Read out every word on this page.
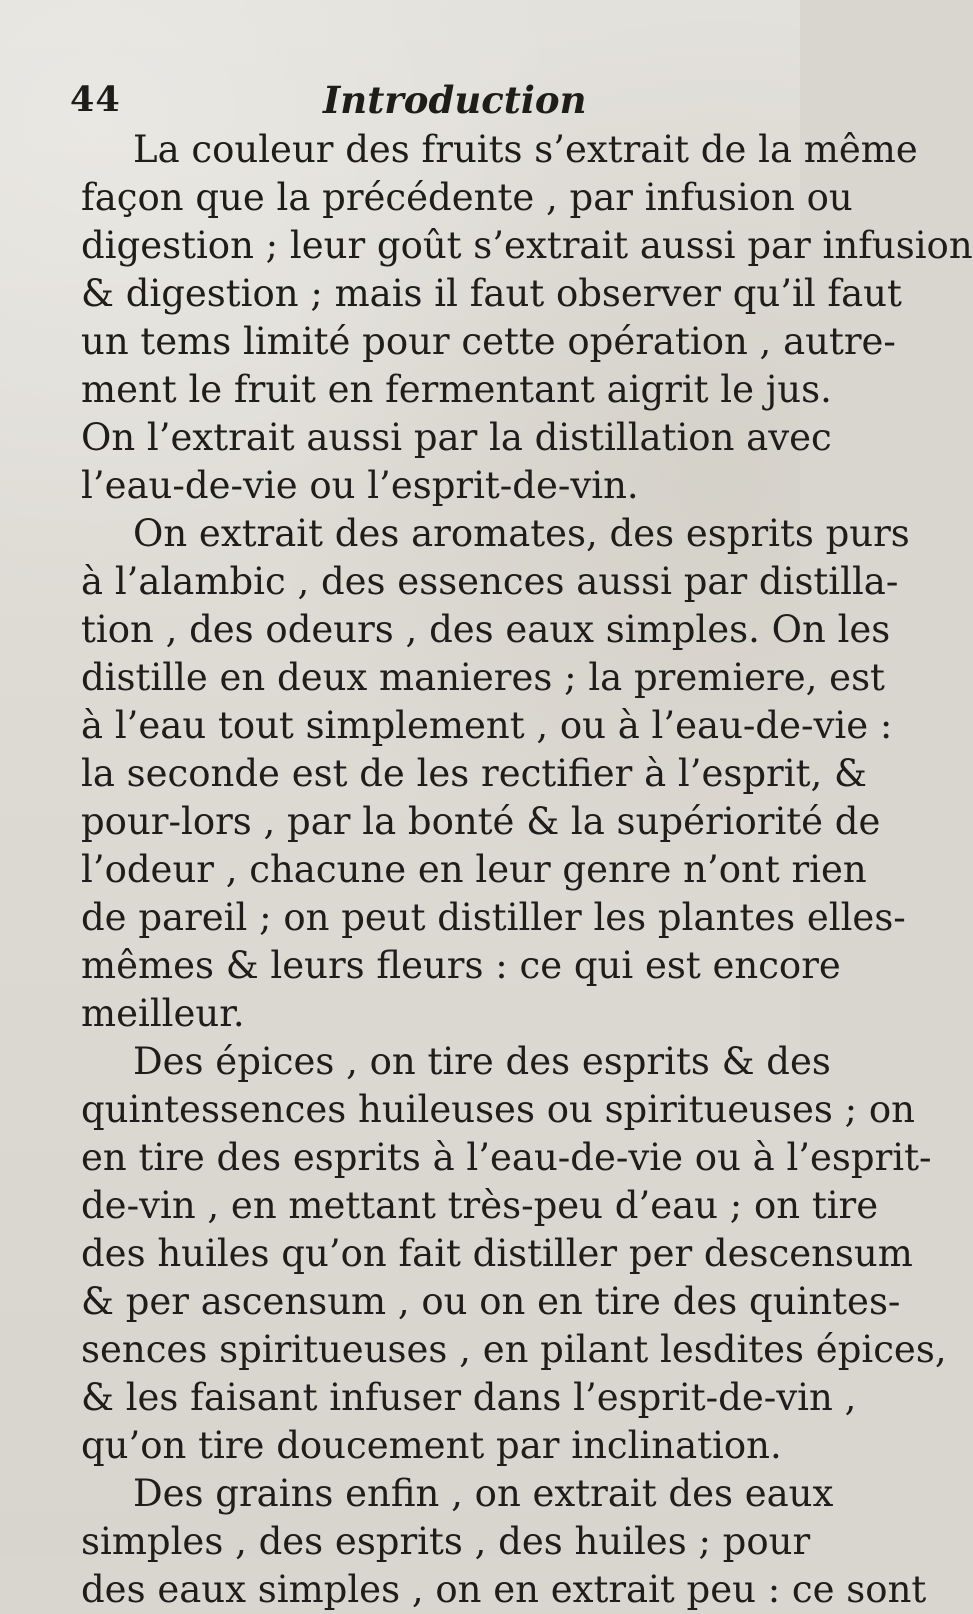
44	Introduction
La couleur des fruits s’extrait de la même
façon que la précédente , par infusion ou
digestion ; leur goût s’extrait aussi par infusion
& digestion ; mais il faut observer qu’il faut
un tems limité pour cette opération , autre-
ment le fruit en fermentant aigrit le jus.
On l’extrait aussi par la distillation avec
l’eau-de-vie ou l’esprit-de-vin.
On extrait des aromates, des esprits purs
à l’alambic , des essences aussi par distilla-
tion , des odeurs , des eaux simples. On les
distille en deux manieres ; la premiere, est
à l’eau tout simplement , ou à l’eau-de-vie :
la seconde est de les rectifier à l’esprit, &
pour-lors , par la bonté & la supériorité de
l’odeur , chacune en leur genre n’ont rien
de pareil ; on peut distiller les plantes elles-
mêmes & leurs fleurs : ce qui est encore
meilleur.
Des épices , on tire des esprits & des
quintessences huileuses ou spiritueuses ; on
en tire des esprits à l’eau-de-vie ou à l’esprit-
de-vin , en mettant très-peu d’eau ; on tire
des huiles qu’on fait distiller per descensum
& per ascensum , ou on en tire des quintes-
sences spiritueuses , en pilant lesdites épices,
& les faisant infuser dans l’esprit-de-vin ,
qu’on tire doucement par inclination.
Des grains enfin , on extrait des eaux
simples , des esprits , des huiles ; pour
des eaux simples , on en extrait peu : ce sont
